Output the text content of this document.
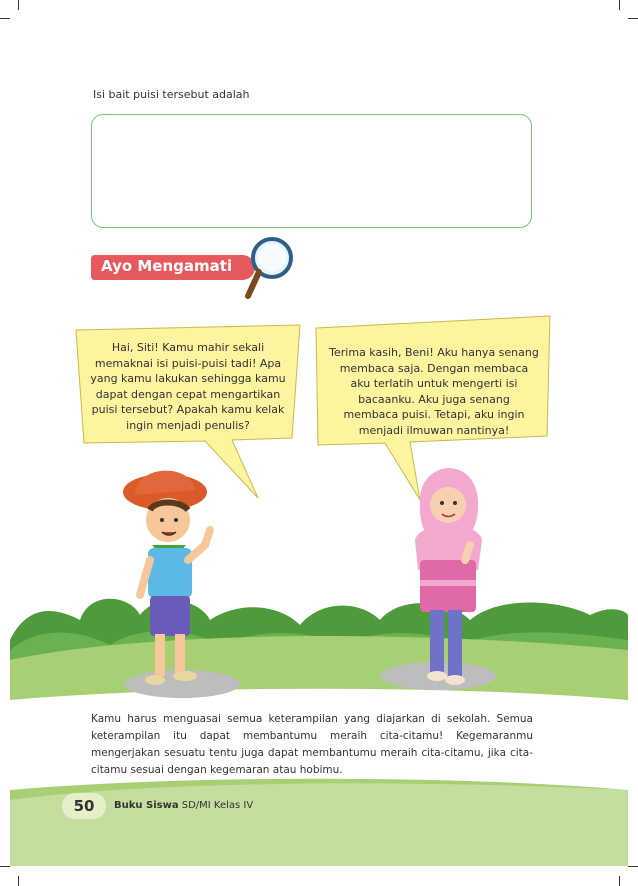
Isi bait puisi tersebut adalah
Ayo Mengamati
Hai, Siti! Kamu mahir sekali
memaknai isi puisi-puisi tadi! Apa
yang kamu lakukan sehingga kamu
dapat dengan cepat mengartikan
puisi tersebut? Apakah kamu kelak
ingin menjadi penulis?
Terima kasih, Beni! Aku hanya senang
membaca saja. Dengan membaca
aku terlatih untuk mengerti isi
bacaanku. Aku juga senang
membaca puisi. Tetapi, aku ingin
menjadi ilmuwan nantinya!
Kamu harus menguasai semua keterampilan yang diajarkan di sekolah. Semua keterampilan itu dapat membantumu meraih cita-citamu! Kegemaranmu mengerjakan sesuatu tentu juga dapat membantumu meraih cita-citamu, jika cita-citamu sesuai dengan kegemaran atau hobimu.
50	Buku Siswa SD/MI Kelas IV
